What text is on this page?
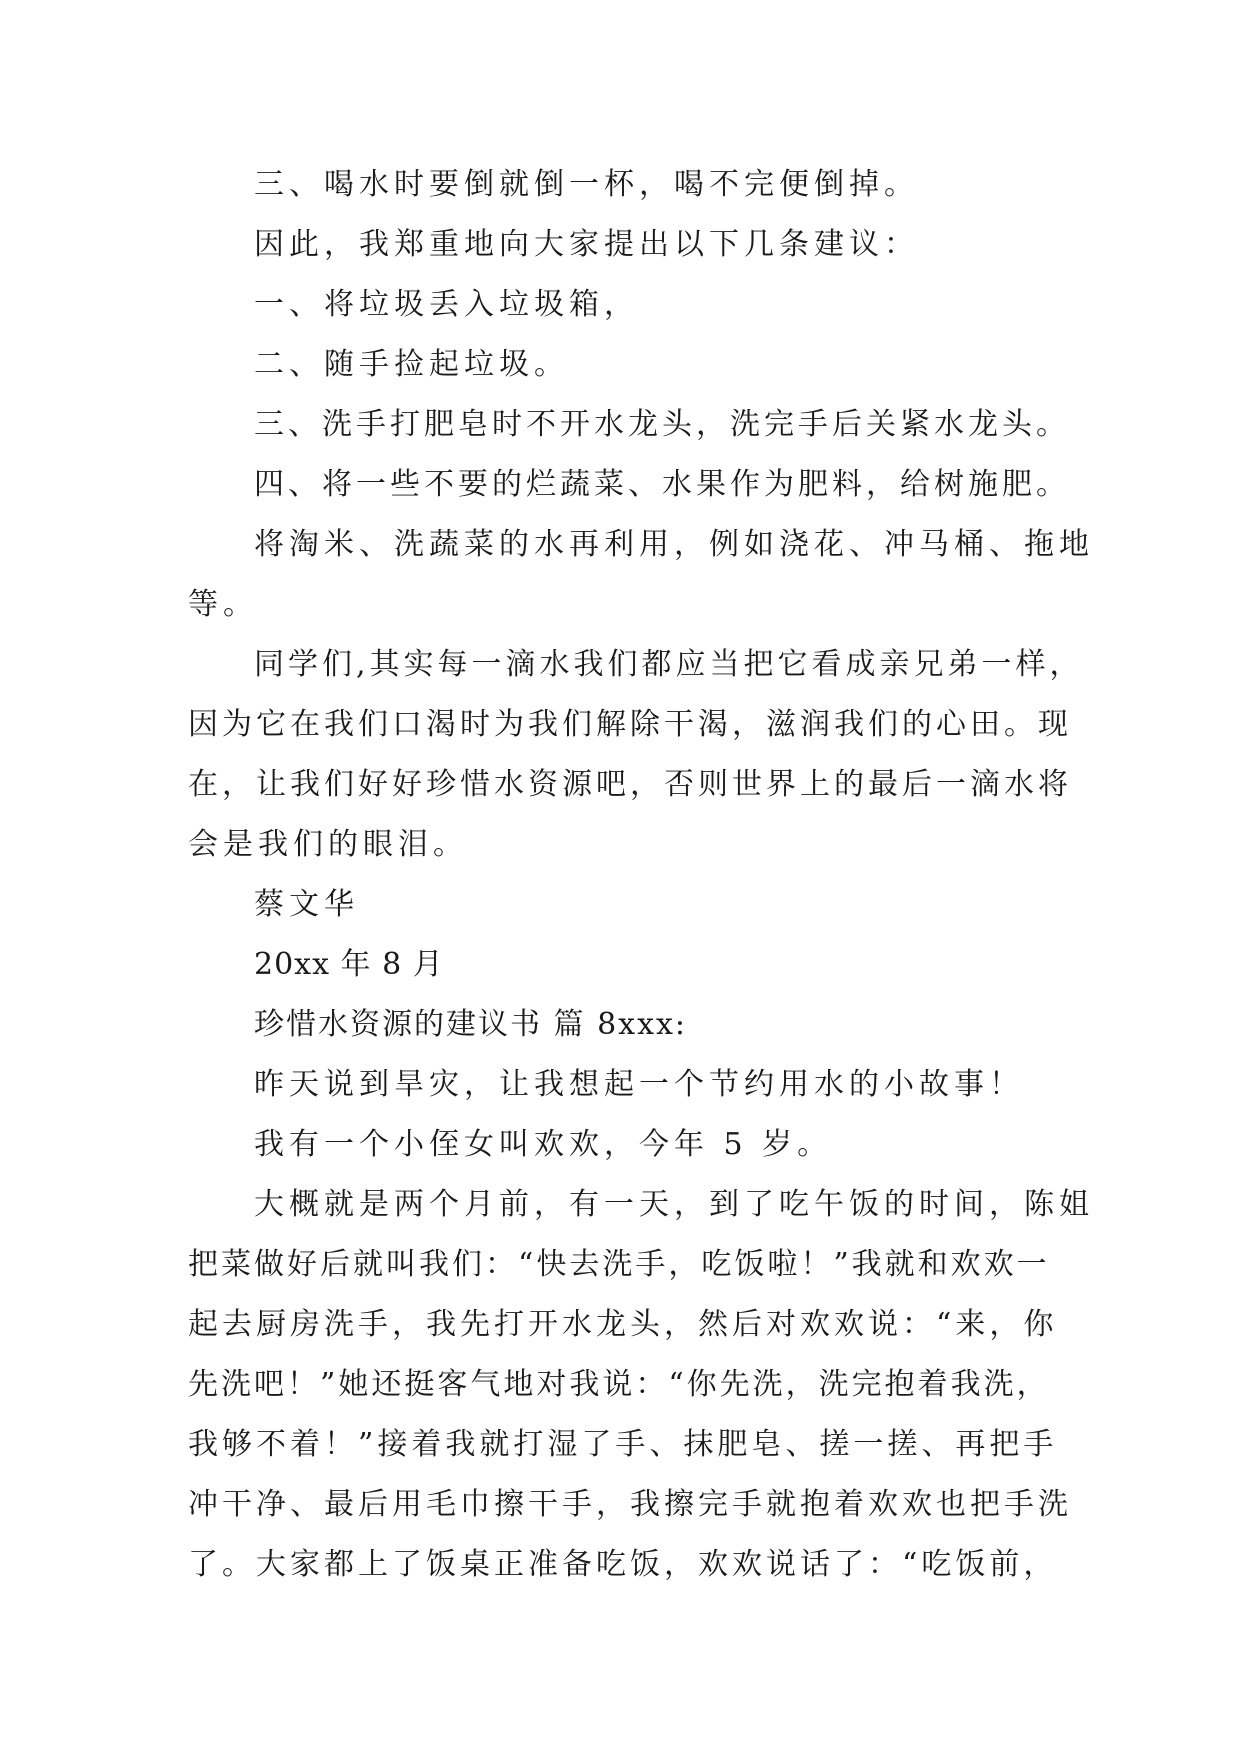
三、喝水时要倒就倒一杯，喝不完便倒掉。
因此，我郑重地向大家提出以下几条建议：
一、将垃圾丢入垃圾箱，
二、随手捡起垃圾。
三、洗手打肥皂时不开水龙头，洗完手后关紧水龙头。
四、将一些不要的烂蔬菜、水果作为肥料，给树施肥。
将淘米、洗蔬菜的水再利用，例如浇花、冲马桶、拖地
等。
同学们,其实每一滴水我们都应当把它看成亲兄弟一样，
因为它在我们口渴时为我们解除干渴，滋润我们的心田。现
在，让我们好好珍惜水资源吧，否则世界上的最后一滴水将
会是我们的眼泪。
蔡文华
20xx 年 8 月
珍惜水资源的建议书 篇 8xxx:
昨天说到旱灾，让我想起一个节约用水的小故事！
我有一个小侄女叫欢欢，今年 5 岁。
大概就是两个月前，有一天，到了吃午饭的时间，陈姐
把菜做好后就叫我们：“快去洗手，吃饭啦！”我就和欢欢一
起去厨房洗手，我先打开水龙头，然后对欢欢说：“来，你
先洗吧！”她还挺客气地对我说：“你先洗，洗完抱着我洗，
我够不着！”接着我就打湿了手、抹肥皂、搓一搓、再把手
冲干净、最后用毛巾擦干手，我擦完手就抱着欢欢也把手洗
了。大家都上了饭桌正准备吃饭，欢欢说话了：“吃饭前，
